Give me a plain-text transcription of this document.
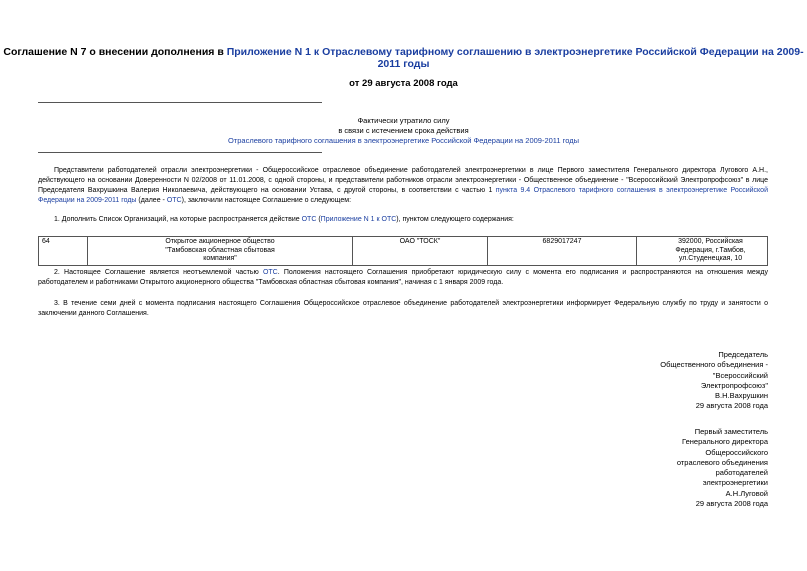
Соглашение N 7 о внесении дополнения в Приложение N 1 к Отраслевому тарифному соглашению в электроэнергетике Российской Федерации на 2009-2011 годы
от 29 августа 2008 года
Фактически утратило силу
в связи с истечением срока действия
Отраслевого тарифного соглашения в электроэнергетике Российской Федерации на 2009-2011 годы
Представители работодателей отрасли электроэнергетики - Общероссийское отраслевое объединение работодателей электроэнергетики в лице Первого заместителя Генерального директора Лугового А.Н., действующего на основании Доверенности N 02/2008 от 11.01.2008, с одной стороны, и представители работников отрасли электроэнергетики - Общественное объединение - "Всероссийский Электропрофсоюз" в лице Председателя Вахрушкина Валерия Николаевича, действующего на основании Устава, с другой стороны, в соответствии с частью 1 пункта 9.4 Отраслевого тарифного соглашения в электроэнергетике Российской Федерации на 2009-2011 годы (далее - ОТС), заключили настоящее Соглашение о следующем:
1. Дополнить Список Организаций, на которые распространяется действие ОТС (Приложение N 1 к ОТС), пунктом следующего содержания:
64	Открытое акционерное общество
"Тамбовская областная сбытовая
компания"
	ОАО "ТОСК"	6829017247	392000, Российская
Федерация, г.Тамбов,
ул.Студенецкая, 10
2. Настоящее Соглашение является неотъемлемой частью ОТС. Положения настоящего Соглашения приобретают юридическую силу с момента его подписания и распространяются на отношения между работодателем и работниками Открытого акционерного общества "Тамбовская областная сбытовая компания", начиная с 1 января 2009 года.
3. В течение семи дней с момента подписания настоящего Соглашения Общероссийское отраслевое объединение работодателей электроэнергетики информирует Федеральную службу по труду и занятости о заключении данного Соглашения.
Председатель
Общественного объединения -
"Всероссийский
Электропрофсоюз"
В.Н.Вахрушкин
29 августа 2008 года
Первый заместитель
Генерального директора
Общероссийского
отраслевого объединения
работодателей
электроэнергетики
А.Н.Луговой
29 августа 2008 года
